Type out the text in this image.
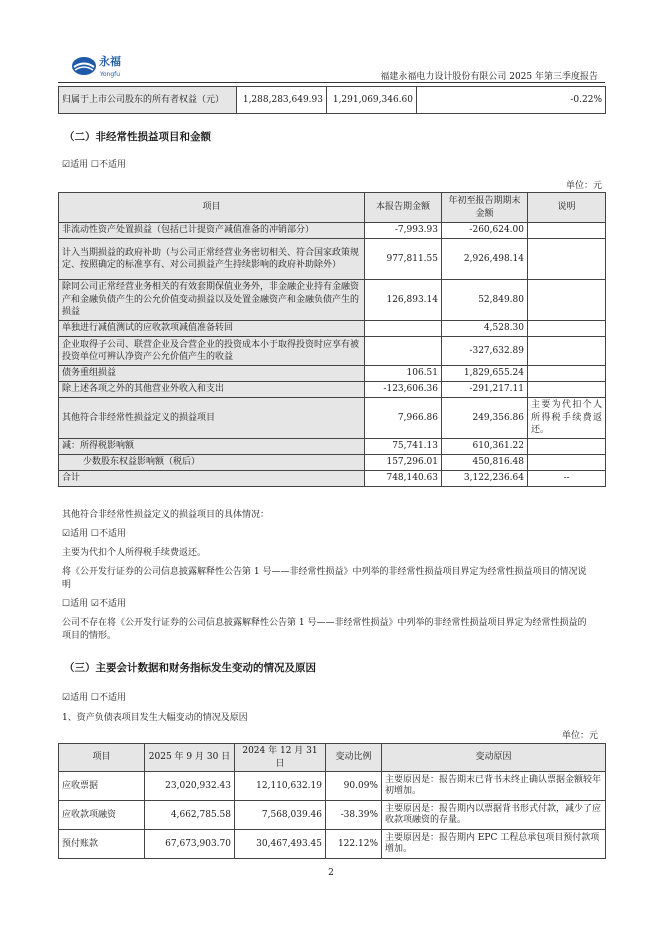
永福
Yongfu	福建永福电力设计股份有限公司 2025 年第三季度报告
归属于上市公司股东的所有者权益（元）	1,288,283,649.93	1,291,069,346.60	-0.22%
（二）非经常性损益项目和金额
☑适用 ☐不适用
单位：元
项目	本报告期金额	年初至报告期期末金额	说明
非流动性资产处置损益（包括已计提资产减值准备的冲销部分）	-7,993.93	-260,624.00	
计入当期损益的政府补助（与公司正常经营业务密切相关、符合国家政策规定、按照确定的标准享有、对公司损益产生持续影响的政府补助除外）	977,811.55	2,926,498.14	
除同公司正常经营业务相关的有效套期保值业务外，非金融企业持有金融资产和金融负债产生的公允价值变动损益以及处置金融资产和金融负债产生的损益	126,893.14	52,849.80	
单独进行减值测试的应收款项减值准备转回		4,528.30	
企业取得子公司、联营企业及合营企业的投资成本小于取得投资时应享有被投资单位可辨认净资产公允价值产生的收益		-327,632.89	
债务重组损益	106.51	1,829,655.24	
除上述各项之外的其他营业外收入和支出	-123,606.36	-291,217.11	
其他符合非经常性损益定义的损益项目	7,966.86	249,356.86	主要为代扣个人所得税手续费返还。
减：所得税影响额	75,741.13	610,361.22	
少数股东权益影响额（税后）	157,296.01	450,816.48	
合计	748,140.63	3,122,236.64	--
其他符合非经常性损益定义的损益项目的具体情况：
☑适用 ☐不适用
主要为代扣个人所得税手续费返还。
将《公开发行证券的公司信息披露解释性公告第 1 号——非经常性损益》中列举的非经常性损益项目界定为经常性损益项目的情况说明
☐适用 ☑不适用
公司不存在将《公开发行证券的公司信息披露解释性公告第 1 号——非经常性损益》中列举的非经常性损益项目界定为经常性损益的项目的情形。
（三）主要会计数据和财务指标发生变动的情况及原因
☑适用 ☐不适用
1、资产负债表项目发生大幅变动的情况及原因
单位：元
项目	2025 年 9 月 30 日	2024 年 12 月 31 日	变动比例	变动原因
应收票据	23,020,932.43	12,110,632.19	90.09%	主要原因是：报告期末已背书未终止确认票据金额较年初增加。
应收款项融资	4,662,785.58	7,568,039.46	-38.39%	主要原因是：报告期内以票据背书形式付款，减少了应收款项融资的存量。
预付账款	67,673,903.70	30,467,493.45	122.12%	主要原因是：报告期内 EPC 工程总承包项目预付款项增加。
2
